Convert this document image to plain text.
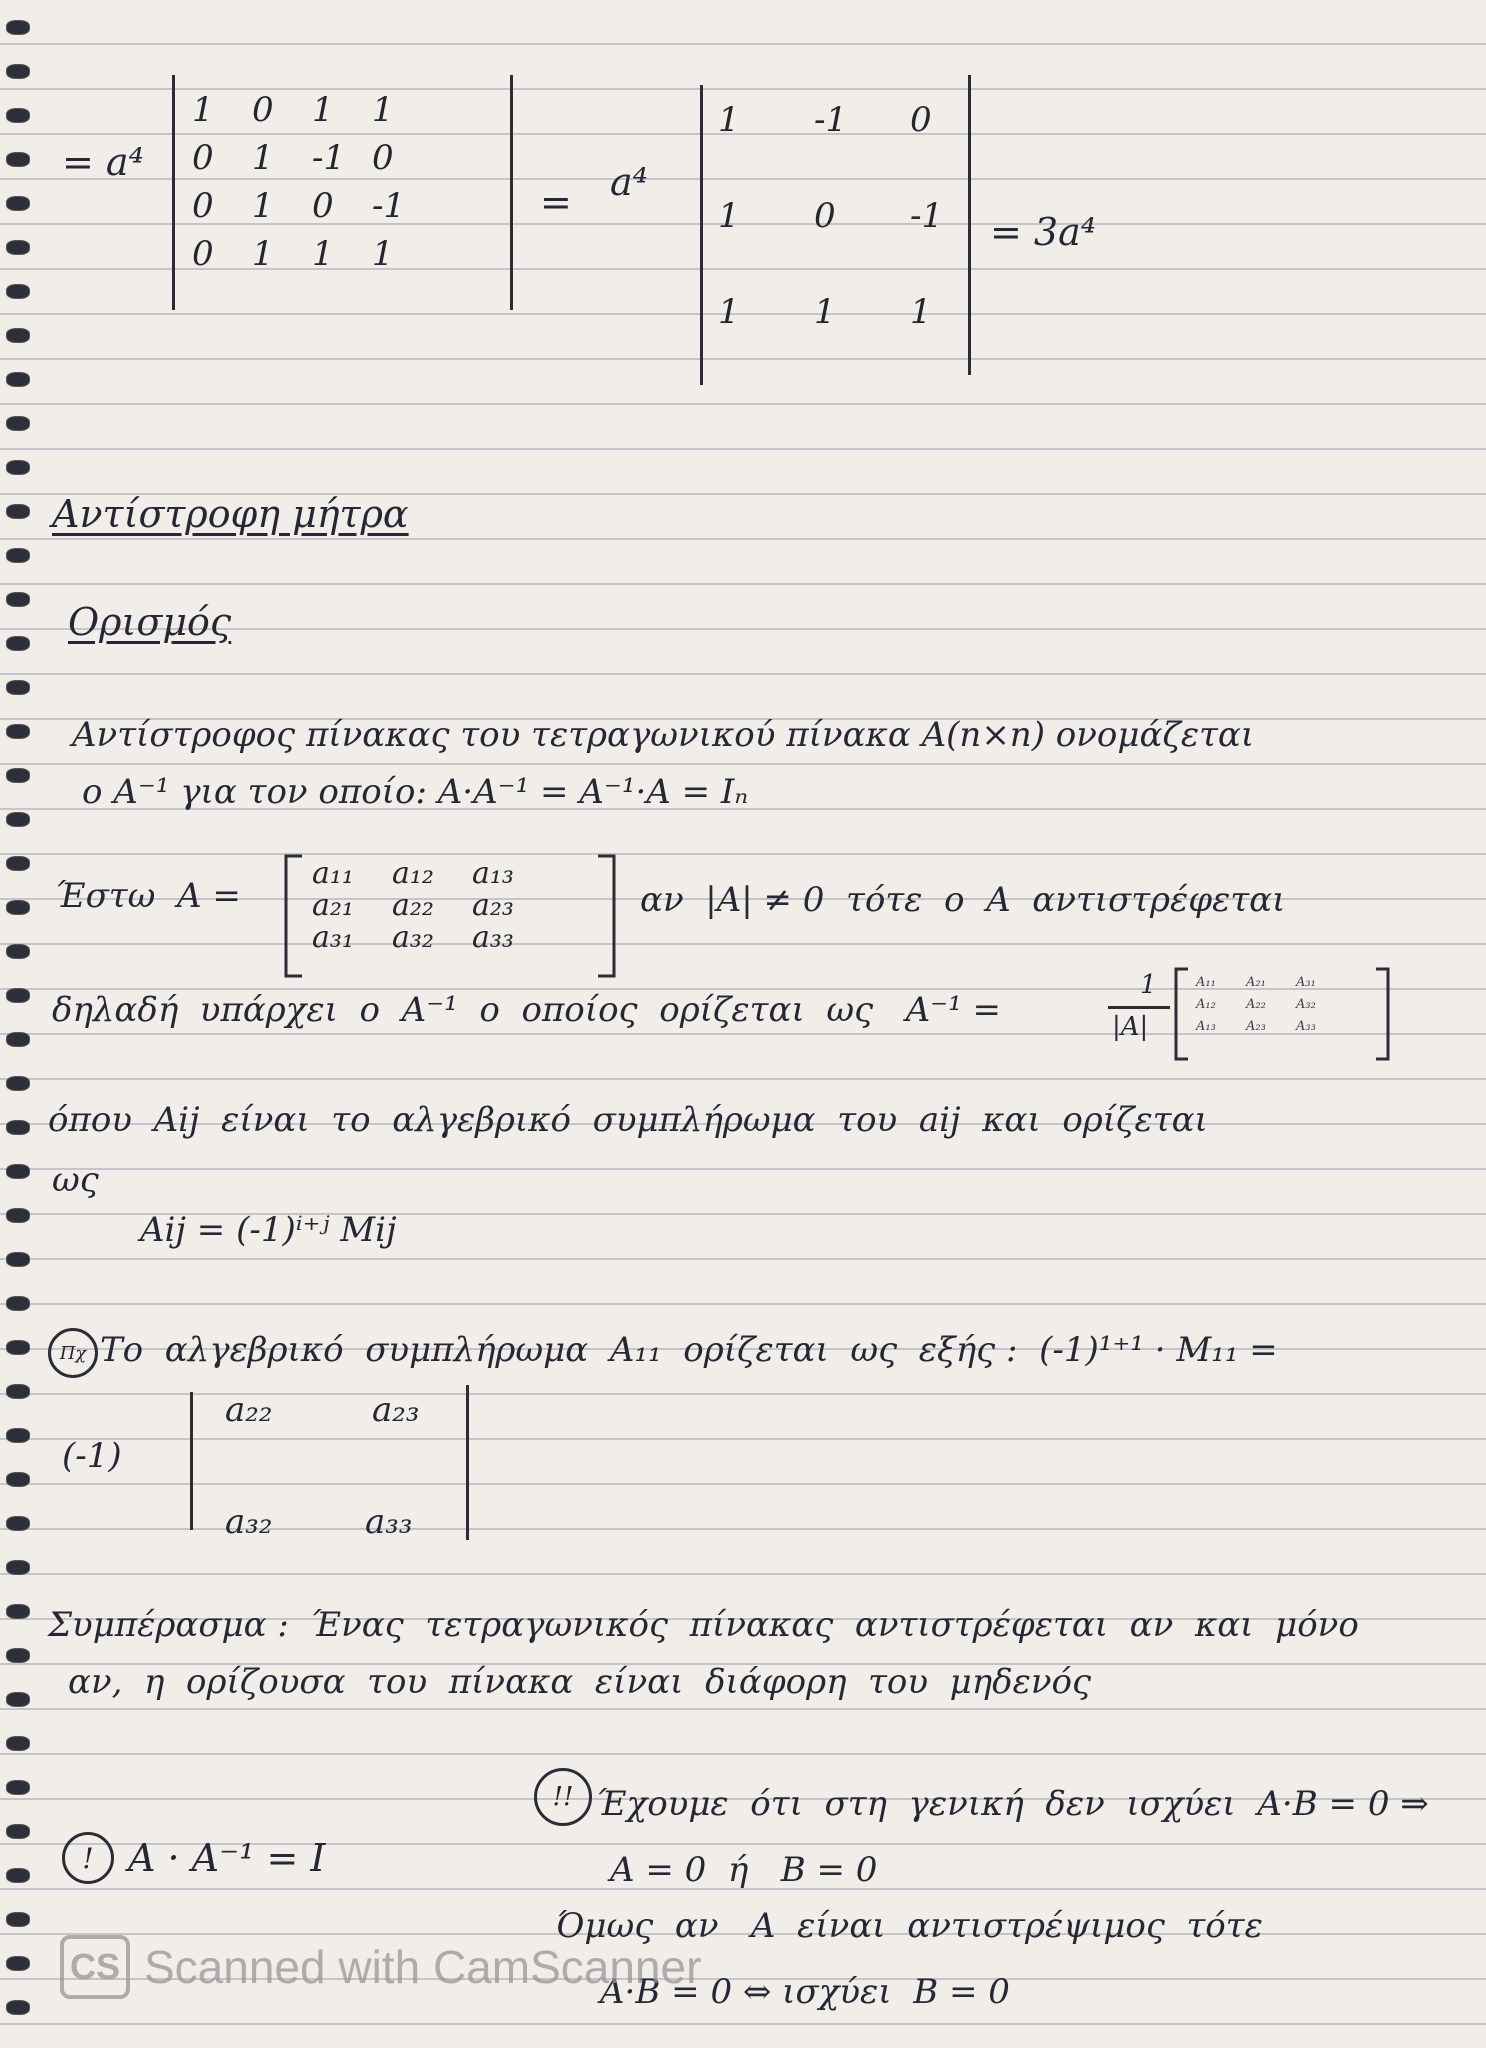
= a⁴
1	0	1	1
0	1	-1 0
0	1	0	-1
0	1	1	1
= a⁴
1	-1	0
1	0	-1
1	1	1
= 3a⁴
Αντίστροφη μήτρα
Ορισμός
Αντίστροφος πίνακας του τετραγωνικού πίνακα A(n×n) ονομάζεται
ο A⁻¹ για τον οποίο: A·A⁻¹ = A⁻¹·A = Iₙ
Έστω  A =
a₁₁	a₁₂	a₁₃
a₂₁	a₂₂	a₂₃
a₃₁	a₃₂	a₃₃
αν  |A| ≠ 0  τότε  ο  A  αντιστρέφεται
δηλαδή  υπάρχει  ο  A⁻¹  ο  οποίος  ορίζεται  ως   A⁻¹ =
1
|A|
A₁₁	A₂₁	A₃₁
A₁₂	A₂₂	A₃₂
A₁₃	A₂₃	A₃₃
όπου  Aij  είναι  το  αλγεβρικό  συμπλήρωμα  του  aij  και  ορίζεται
ως
Aij = (-1)ⁱ⁺ʲ Mij
Πχ Το  αλγεβρικό  συμπλήρωμα  A₁₁  ορίζεται  ως  εξής :  (-1)¹⁺¹ · M₁₁ =
(-1)
a₂₂	a₂₃
a₃₂	a₃₃
Συμπέρασμα :  Ένας  τετραγωνικός  πίνακας  αντιστρέφεται  αν  και  μόνο
αν,  η  ορίζουσα  του  πίνακα  είναι  διάφορη  του  μηδενός
! A · A⁻¹ = I
!! Έχουμε  ότι  στη  γενική  δεν  ισχύει  A·B = 0 ⇒
A = 0  ή   B = 0
Όμως  αν   A  είναι  αντιστρέψιμος  τότε
A·B = 0 ⇔ ισχύει  B = 0
CS Scanned with CamScanner
